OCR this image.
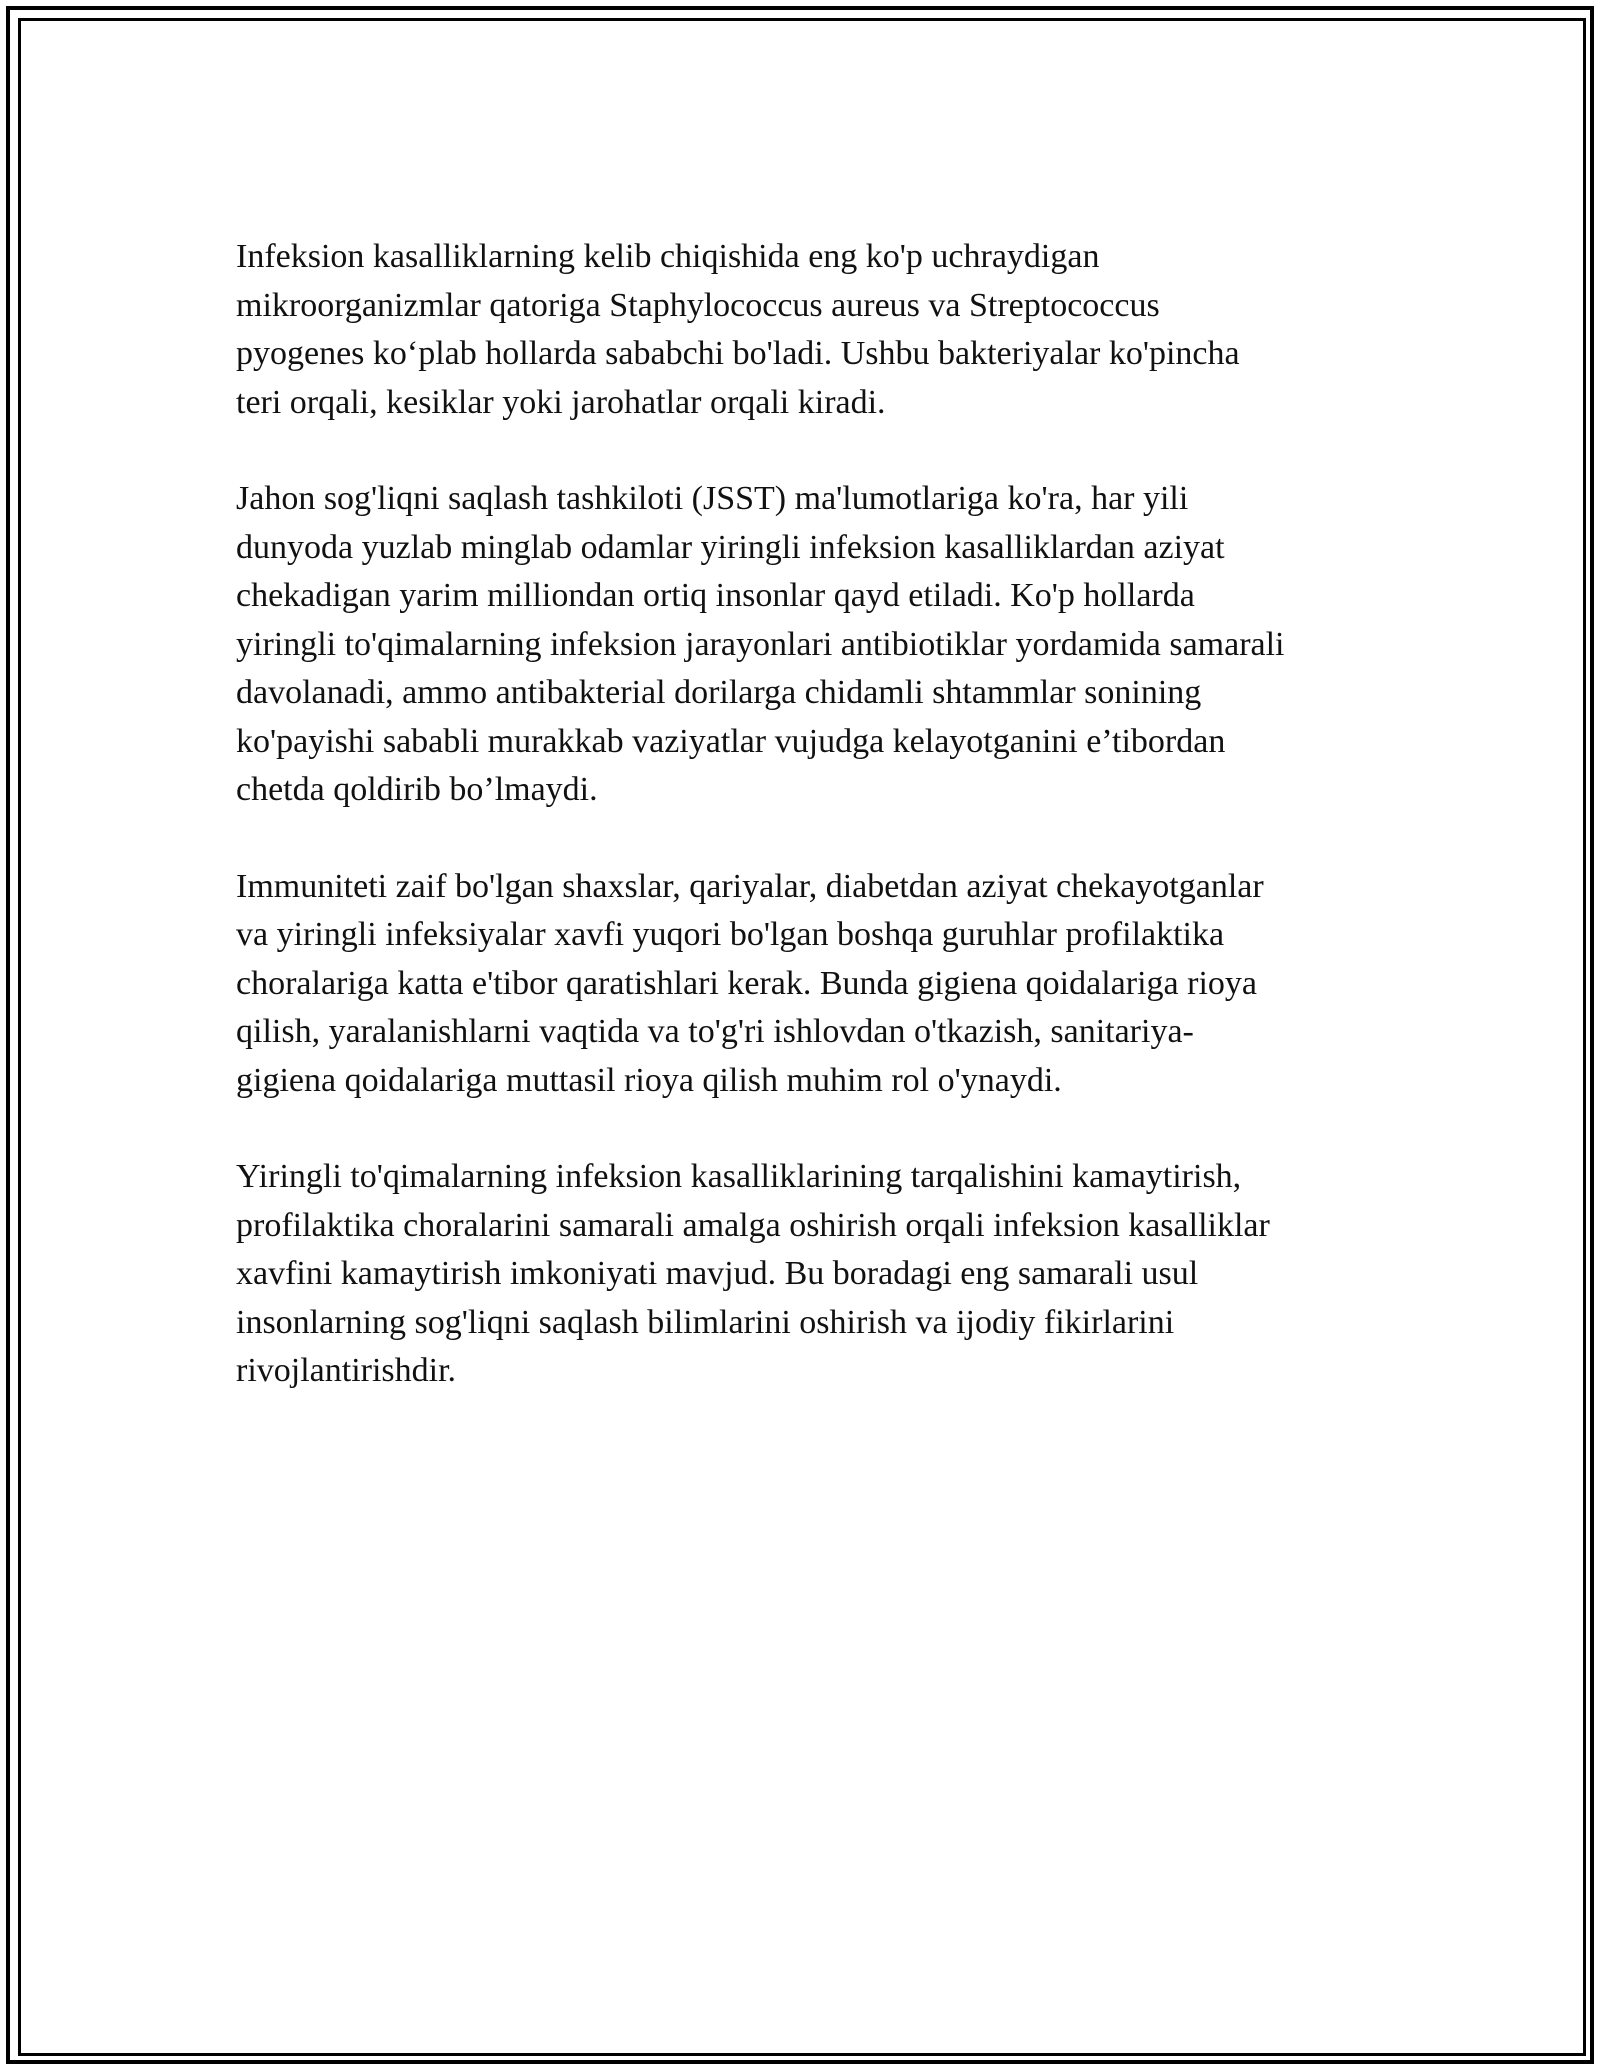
Infeksion kasalliklarning kelib chiqishida eng ko'p uchraydigan
mikroorganizmlar qatoriga Staphylococcus aureus va Streptococcus
pyogenes ko‘plab hollarda sababchi bo'ladi. Ushbu bakteriyalar ko'pincha
teri orqali, kesiklar yoki jarohatlar orqali kiradi.

Jahon sog'liqni saqlash tashkiloti (JSST) ma'lumotlariga ko'ra, har yili
dunyoda yuzlab minglab odamlar yiringli infeksion kasalliklardan aziyat
chekadigan yarim milliondan ortiq insonlar qayd etiladi. Ko'p hollarda
yiringli to'qimalarning infeksion jarayonlari antibiotiklar yordamida samarali
davolanadi, ammo antibakterial dorilarga chidamli shtammlar sonining
ko'payishi sababli murakkab vaziyatlar vujudga kelayotganini e’tibordan
chetda qoldirib bo’lmaydi.

Immuniteti zaif bo'lgan shaxslar, qariyalar, diabetdan aziyat chekayotganlar
va yiringli infeksiyalar xavfi yuqori bo'lgan boshqa guruhlar profilaktika
choralariga katta e'tibor qaratishlari kerak. Bunda gigiena qoidalariga rioya
qilish, yaralanishlarni vaqtida va to'g'ri ishlovdan o'tkazish, sanitariya-
gigiena qoidalariga muttasil rioya qilish muhim rol o'ynaydi.

Yiringli to'qimalarning infeksion kasalliklarining tarqalishini kamaytirish,
profilaktika choralarini samarali amalga oshirish orqali infeksion kasalliklar
xavfini kamaytirish imkoniyati mavjud. Bu boradagi eng samarali usul
insonlarning sog'liqni saqlash bilimlarini oshirish va ijodiy fikirlarini
rivojlantirishdir.
